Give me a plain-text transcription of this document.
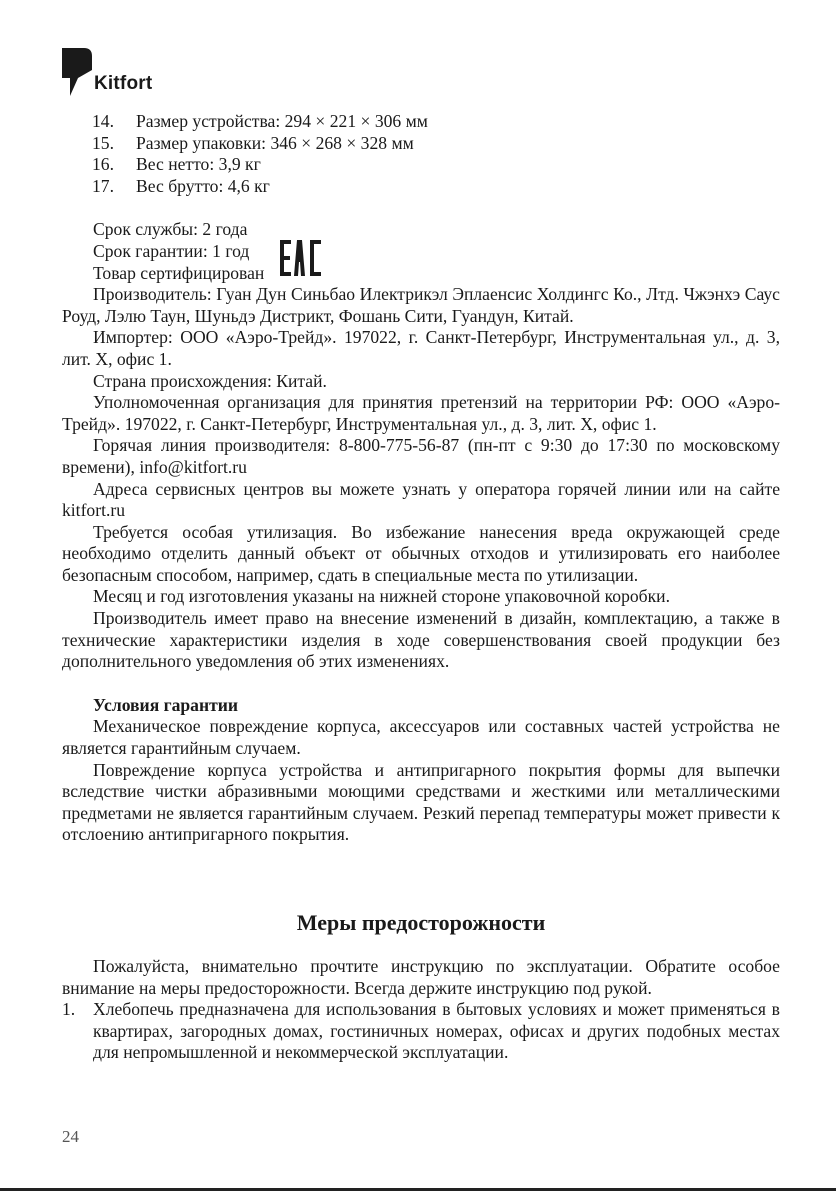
Kitfort
14.	Размер устройства: 294 × 221 × 306 мм
15.	Размер упаковки: 346 × 268 × 328 мм
16.	Вес нетто: 3,9 кг
17.	Вес брутто: 4,6 кг

Срок службы: 2 года

Срок гарантии: 1 год

Товар сертифицирован

Производитель: Гуан Дун Синьбао Илектрикэл Эплаенсис Холдингс Ко., Лтд. Чжэнхэ Саус Роуд, Лэлю Таун, Шуньдэ Дистрикт, Фошань Сити, Гуандун, Китай.

Импортер: ООО «Аэро-Трейд». 197022, г. Санкт-Петербург, Инструментальная ул., д. 3, лит. Х, офис 1.

Страна происхождения: Китай.

Уполномоченная организация для принятия претензий на территории РФ: ООО «Аэро-Трейд». 197022, г. Санкт-Петербург, Инструментальная ул., д. 3, лит. Х, офис 1.

Горячая линия производителя: 8-800-775-56-87 (пн-пт с 9:30 до 17:30 по московскому времени), info@kitfort.ru

Адреса сервисных центров вы можете узнать у оператора горячей линии или на сайте kitfort.ru

Требуется особая утилизация. Во избежание нанесения вреда окружающей среде необходимо отделить данный объект от обычных отходов и утилизировать его наиболее безопасным способом, например, сдать в специальные места по утилизации.

Месяц и год изготовления указаны на нижней стороне упаковочной коробки.

Производитель имеет право на внесение изменений в дизайн, комплектацию, а также в технические характеристики изделия в ходе совершенствования своей продукции без дополнительного уведомления об этих изменениях.

Условия гарантии

Механическое повреждение корпуса, аксессуаров или составных частей устройства не является гарантийным случаем.

Повреждение корпуса устройства и антипригарного покрытия формы для выпечки вследствие чистки абразивными моющими средствами и жесткими или металлическими предметами не является гарантийным случаем. Резкий перепад температуры может привести к отслоению антипригарного покрытия.

Меры предосторожности

Пожалуйста, внимательно прочтите инструкцию по эксплуатации. Обратите особое внимание на меры предосторожности. Всегда держите инструкцию под рукой.

1.	Хлебопечь предназначена для использования в бытовых условиях и может применяться в квартирах, загородных домах, гостиничных номерах, офисах и других подобных местах для непромышленной и некоммерческой эксплуатации.
24
